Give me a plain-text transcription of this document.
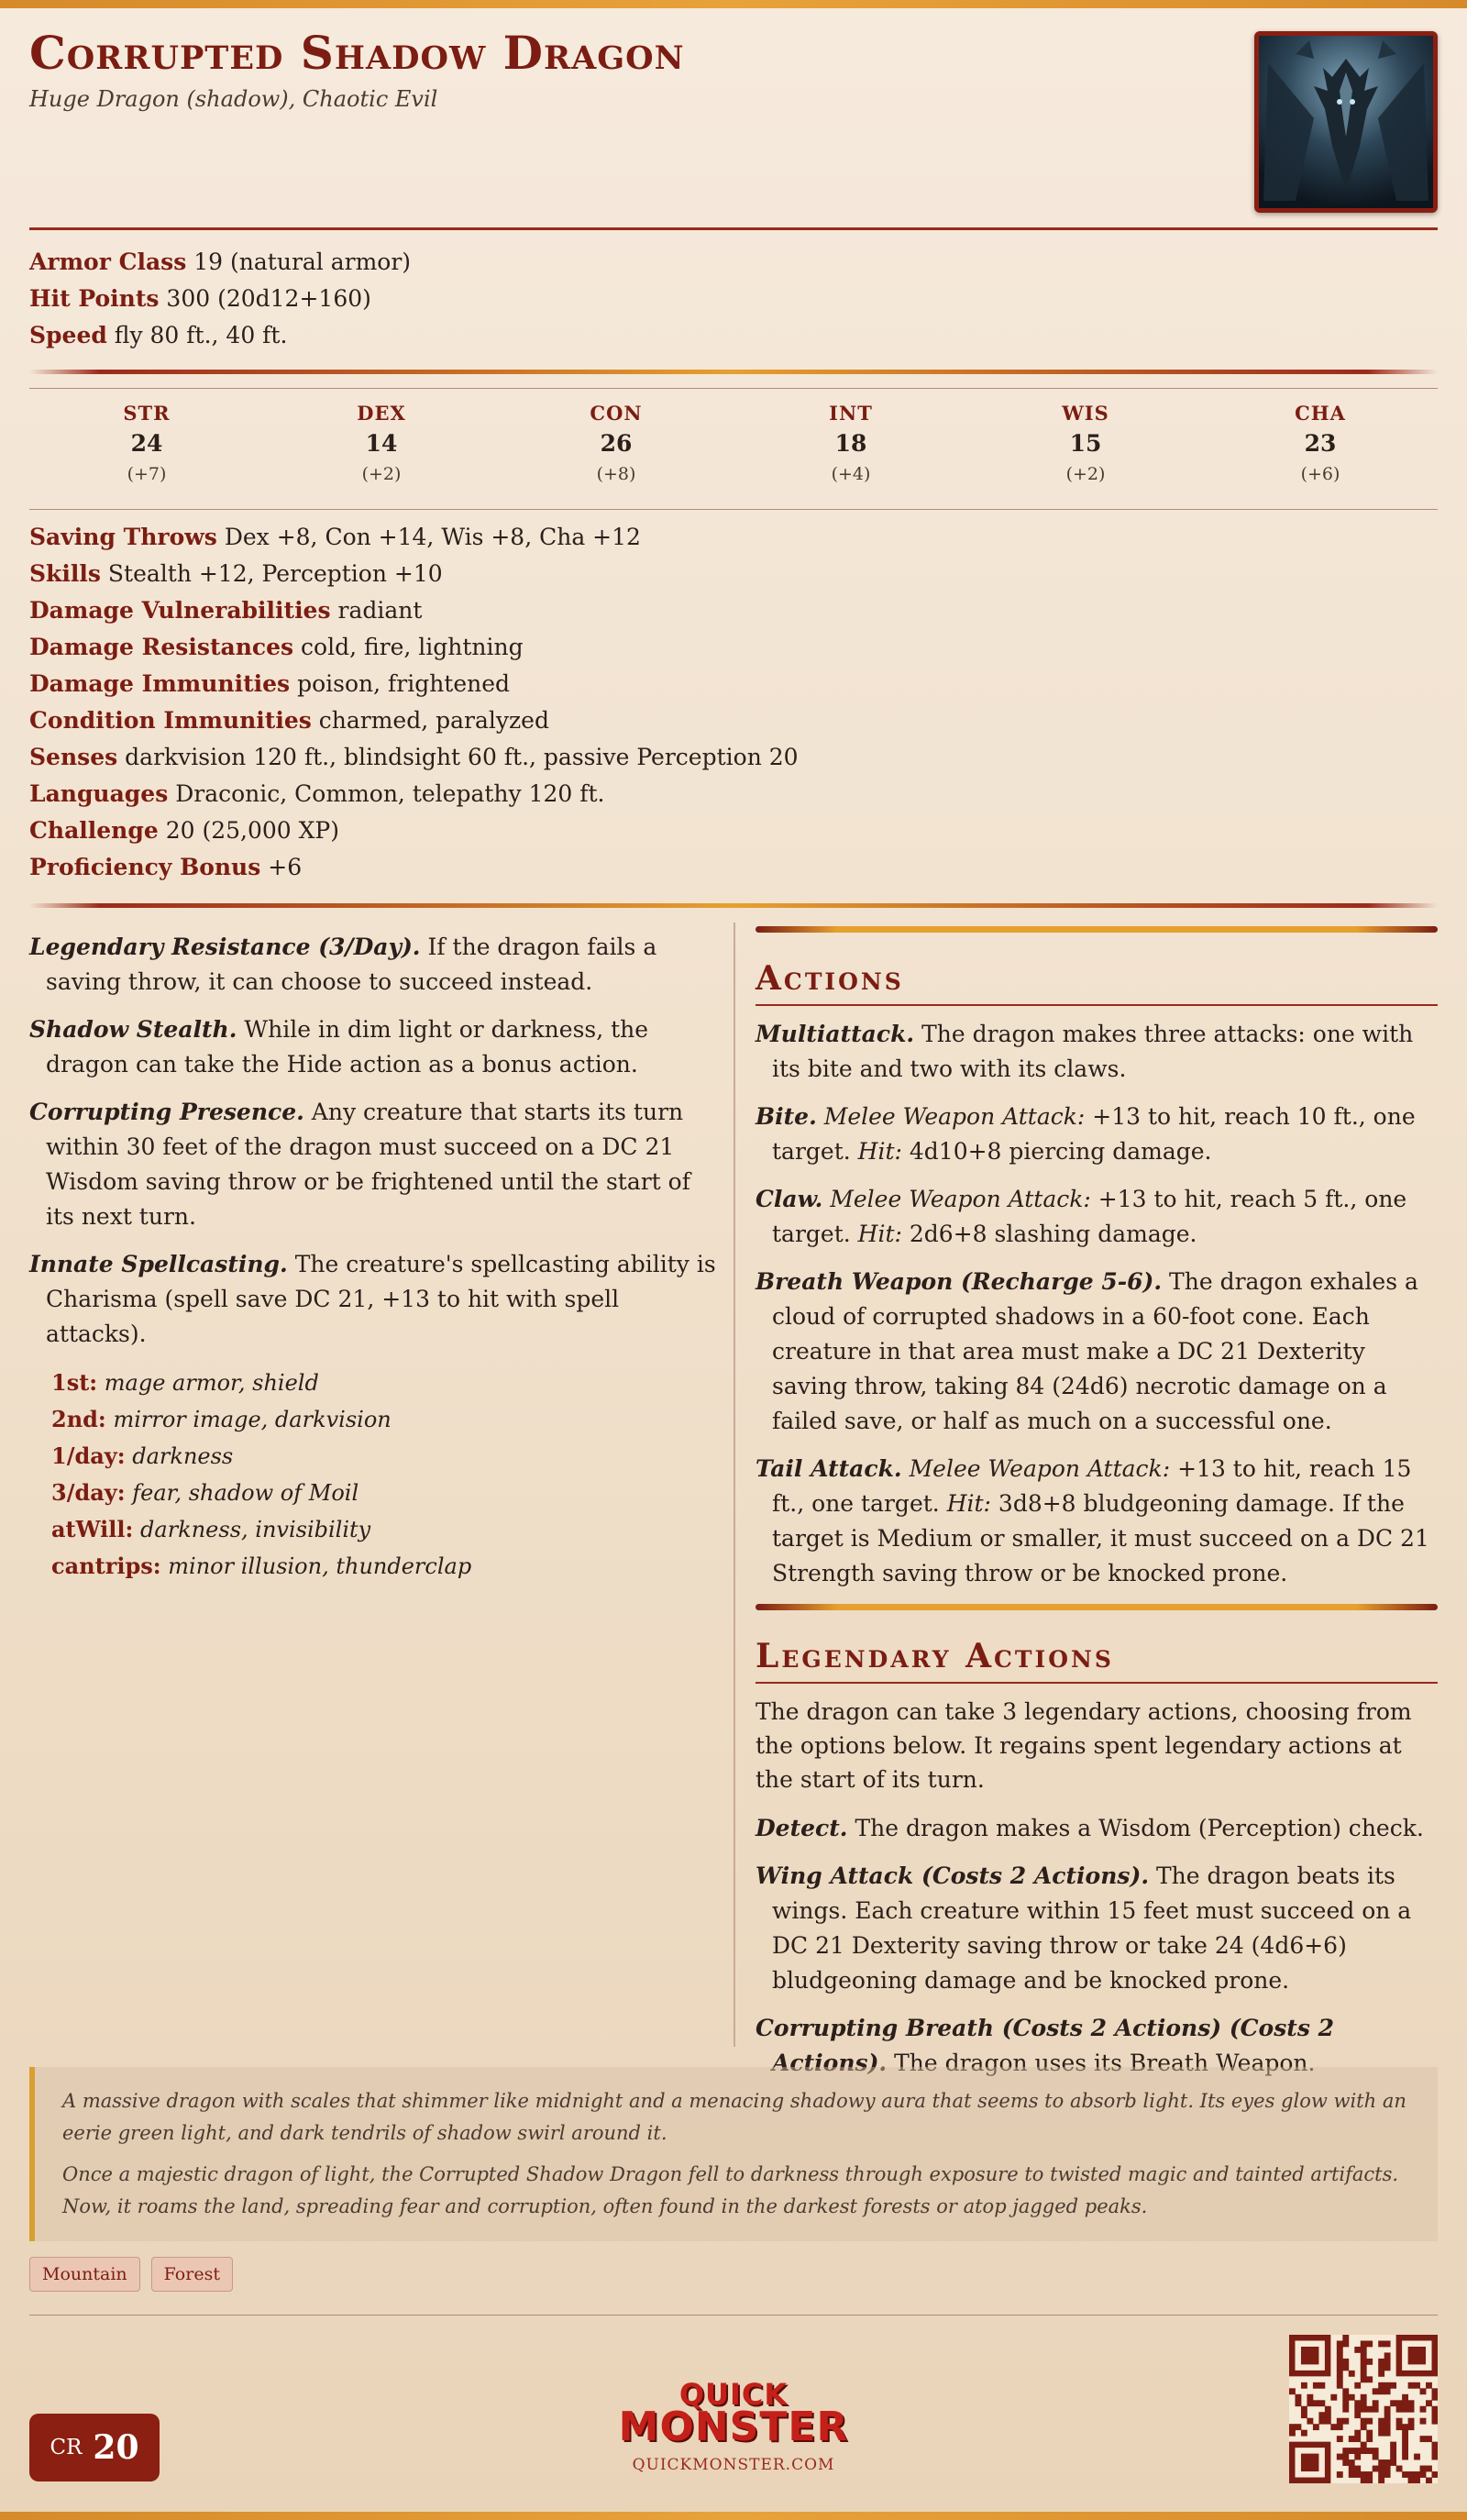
Corrupted Shadow Dragon
Huge Dragon (shadow), Chaotic Evil
Armor Class 19 (natural armor)
Hit Points 300 (20d12+160)
Speed fly 80 ft., 40 ft.
STR
24
(+7)
DEX
14
(+2)
CON
26
(+8)
INT
18
(+4)
WIS
15
(+2)
CHA
23
(+6)
Saving Throws Dex +8, Con +14, Wis +8, Cha +12
Skills Stealth +12, Perception +10
Damage Vulnerabilities radiant
Damage Resistances cold, fire, lightning
Damage Immunities poison, frightened
Condition Immunities charmed, paralyzed
Senses darkvision 120 ft., blindsight 60 ft., passive Perception 20
Languages Draconic, Common, telepathy 120 ft.
Challenge 20 (25,000 XP)
Proficiency Bonus +6
Legendary Resistance (3/Day). If the dragon fails a saving throw, it can choose to succeed instead.
Shadow Stealth. While in dim light or darkness, the dragon can take the Hide action as a bonus action.
Corrupting Presence. Any creature that starts its turn within 30 feet of the dragon must succeed on a DC 21 Wisdom saving throw or be frightened until the start of its next turn.
Innate Spellcasting. The creature's spellcasting ability is Charisma (spell save DC 21, +13 to hit with spell attacks).
1st: mage armor, shield
2nd: mirror image, darkvision
1/day: darkness
3/day: fear, shadow of Moil
atWill: darkness, invisibility
cantrips: minor illusion, thunderclap
Actions
Multiattack. The dragon makes three attacks: one with its bite and two with its claws.
Bite. Melee Weapon Attack: +13 to hit, reach 10 ft., one target. Hit: 4d10+8 piercing damage.
Claw. Melee Weapon Attack: +13 to hit, reach 5 ft., one target. Hit: 2d6+8 slashing damage.
Breath Weapon (Recharge 5-6). The dragon exhales a cloud of corrupted shadows in a 60-foot cone. Each creature in that area must make a DC 21 Dexterity saving throw, taking 84 (24d6) necrotic damage on a failed save, or half as much on a successful one.
Tail Attack. Melee Weapon Attack: +13 to hit, reach 15 ft., one target. Hit: 3d8+8 bludgeoning damage. If the target is Medium or smaller, it must succeed on a DC 21 Strength saving throw or be knocked prone.
Legendary Actions
The dragon can take 3 legendary actions, choosing from the options below. It regains spent legendary actions at the start of its turn.
Detect. The dragon makes a Wisdom (Perception) check.
Wing Attack (Costs 2 Actions). The dragon beats its wings. Each creature within 15 feet must succeed on a DC 21 Dexterity saving throw or take 24 (4d6+6) bludgeoning damage and be knocked prone.
Corrupting Breath (Costs 2 Actions) (Costs 2 Actions). The dragon uses its Breath Weapon.

A massive dragon with scales that shimmer like midnight and a menacing shadowy aura that seems to absorb light. Its eyes glow with an eerie green light, and dark tendrils of shadow swirl around it.

Once a majestic dragon of light, the Corrupted Shadow Dragon fell to darkness through exposure to twisted magic and tainted artifacts. Now, it roams the land, spreading fear and corruption, often found in the darkest forests or atop jagged peaks.

Mountain	Forest
CR 20
QUICK
MONSTER
QUICKMONSTER.COM
